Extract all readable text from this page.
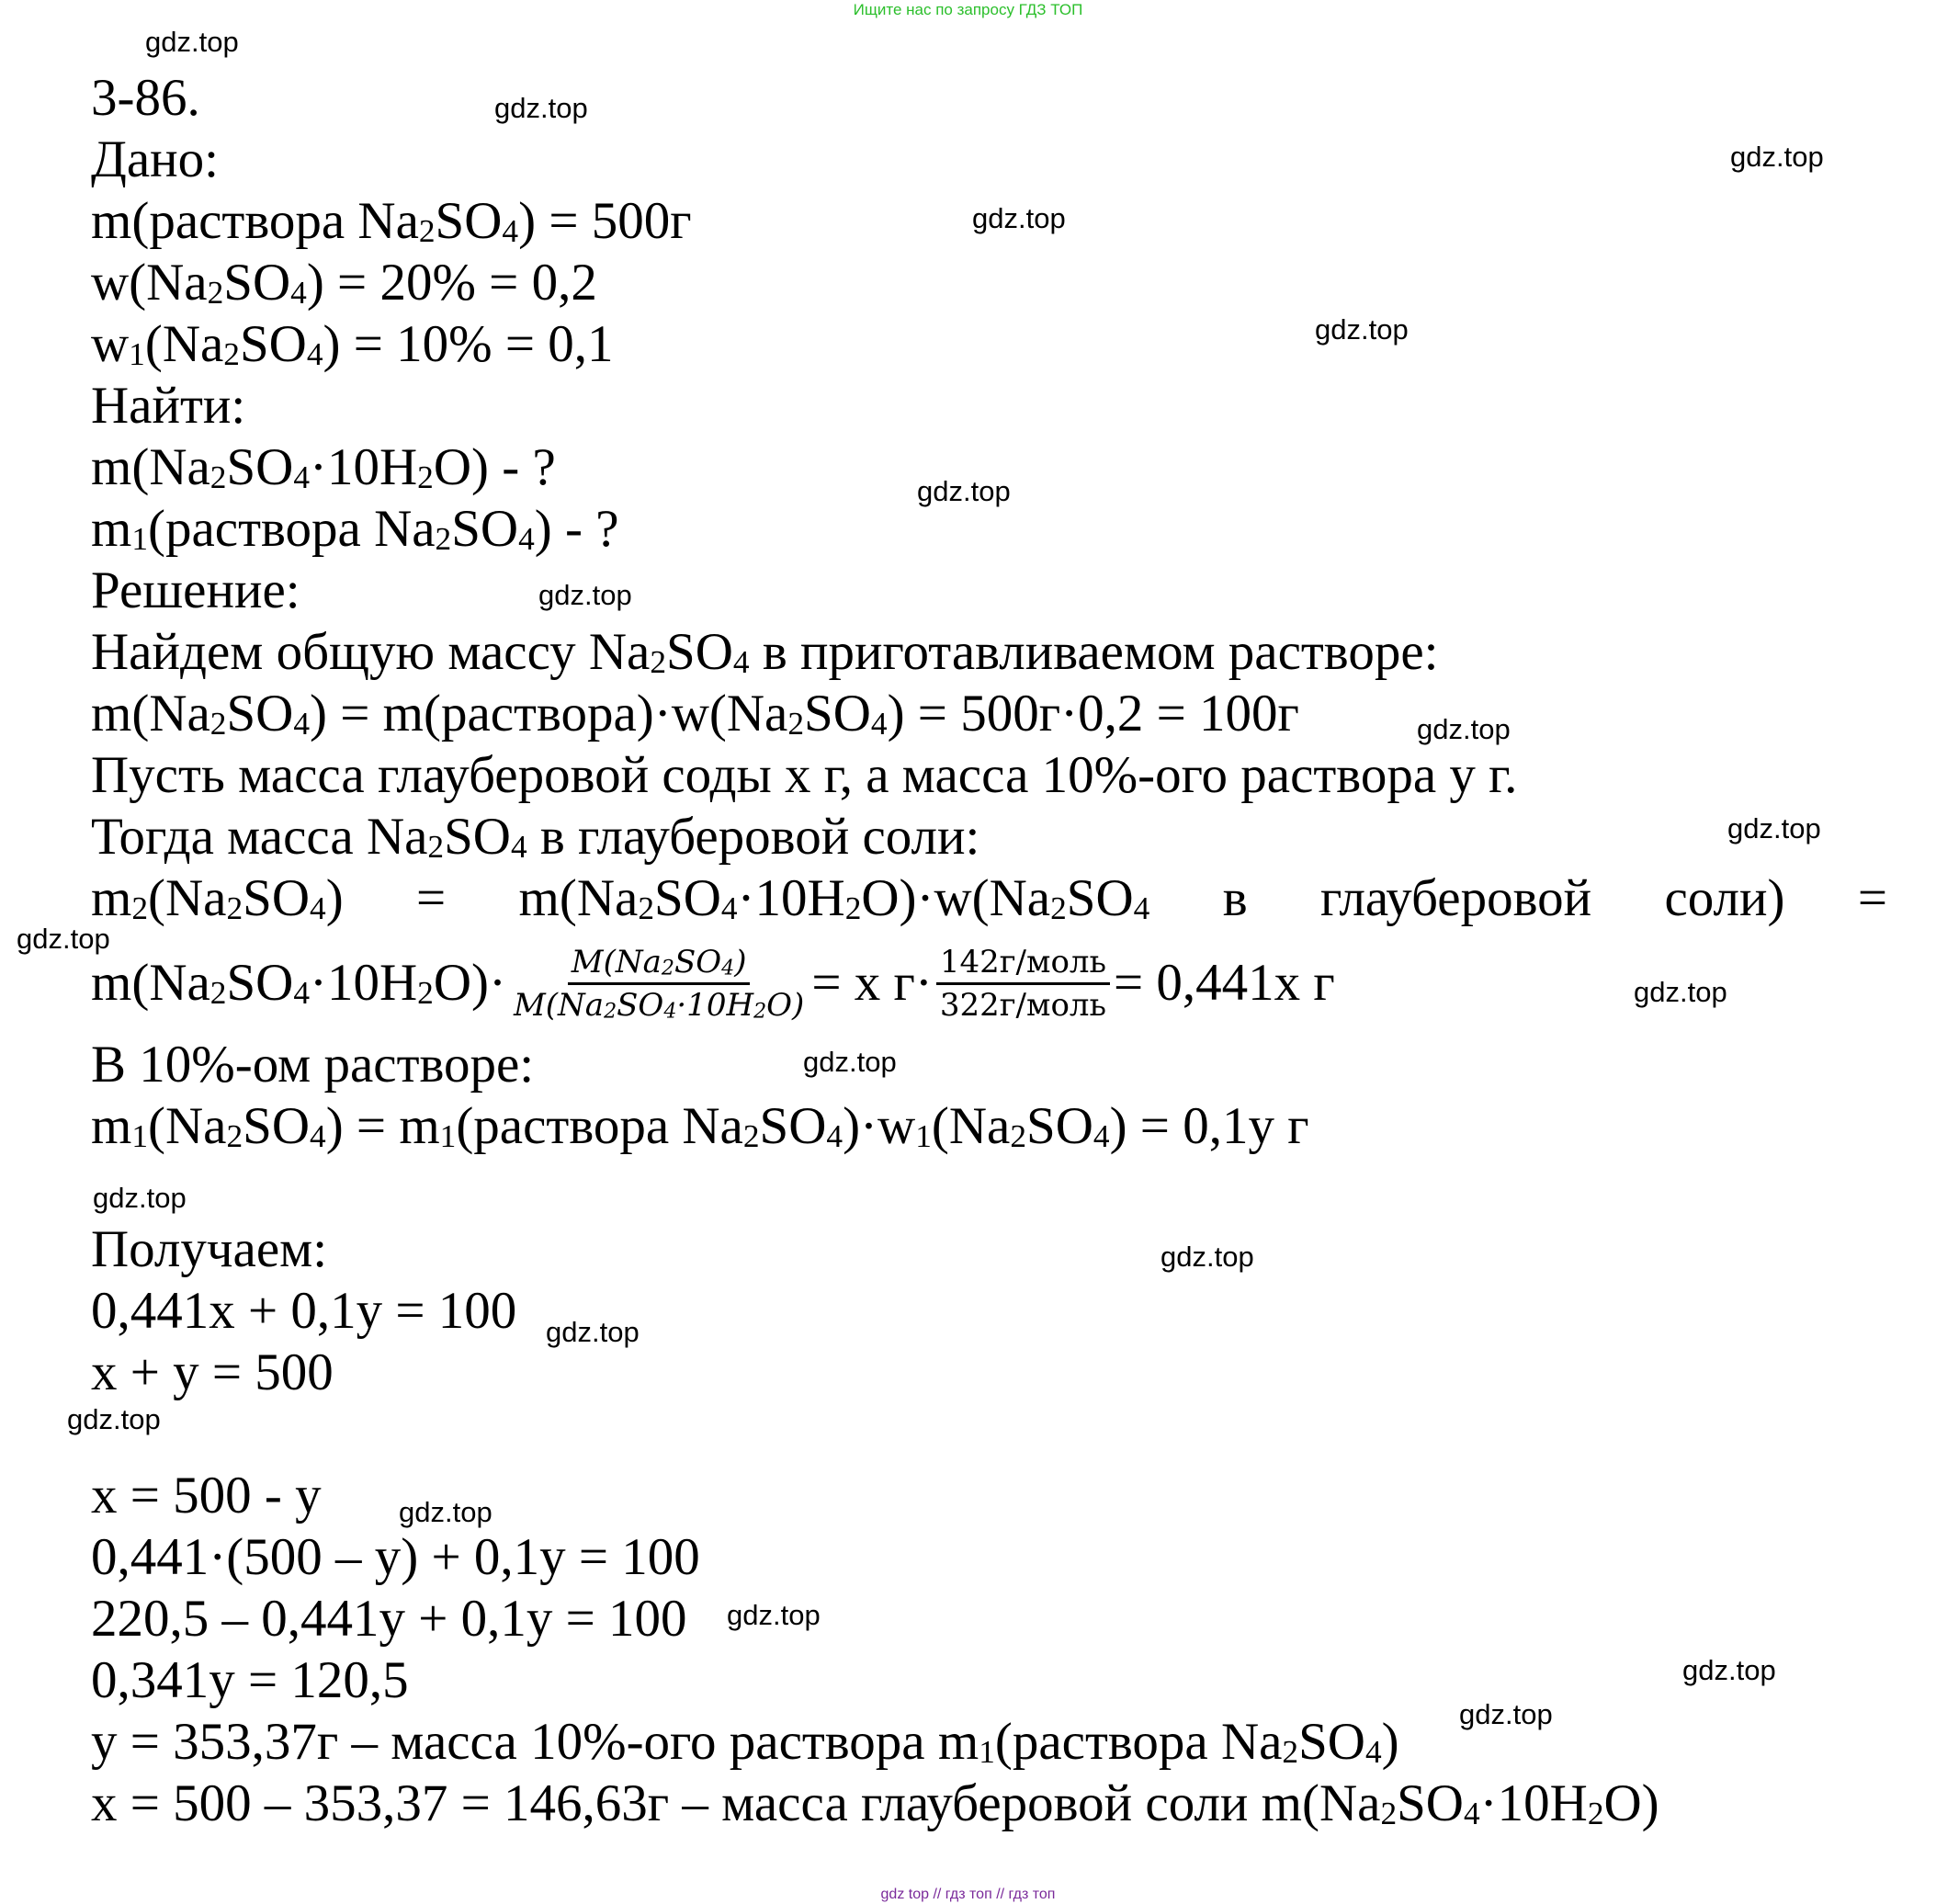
Ищите нас по запросу ГДЗ ТОП
gdz.top
gdz.top
gdz.top
gdz.top
gdz.top
gdz.top
gdz.top
gdz.top
gdz.top
gdz.top
gdz.top
gdz.top
gdz.top
gdz.top
gdz.top
gdz.top
gdz.top
gdz.top
gdz.top
gdz.top
3-86.
Дано:
m(раствора $Na_2SO_4) = 500г$
$w(Na_2SO_4) = 20\% = 0,2$
$w_1(Na_2SO_4) = 10\% = 0,1$
Найти:
$m(Na_2SO_4\cdot 10H_2O)$ - ?
$m_1(раствора$ $Na_2SO_4$) - ?
Решение:
Найдем общую массу $Na_2SO_4$ в приготавливаемом растворе:
$m(Na_2SO_4)$ = $m(раствора)\cdot w(Na_2SO_4) = 500г\cdot 0,2 = 100г$
Пусть масса глауберовой соды x г, а масса 10%-ого раствора y г.
Тогда масса $Na_2SO_4$ в глауберовой соли:
$m_2(Na_2SO_4) = m(Na_2SO_4\cdot 10H_2O)\cdot w(Na_2SO_4$ в глауберовой соли) =
$m(Na_2SO_4\cdot 10H_2O)\cdot \frac{M(Na_2SO_4)}{M(Na_2SO_4\cdot 10H_2O)} = x$ $г\cdot \frac{\text{142г/моль}}{\text{322г/моль}} = 0,441x$ г
В 10%-ом растворе:
$m_1(Na_2SO_4)$ = $m_1(раствора$ $Na_2SO_4)\cdot w_1(Na_2SO_4) = 0,1y$ г
Получаем:
0,441x + 0,1y = 100
x + y = 500
x = 500 - y
0,441·(500 – y) + 0,1y = 100
220,5 – 0,441y + 0,1y = 100
0,341y = 120,5
y = 353,37г – масса 10%-ого раствора $m_1(раствора$ $Na_2SO_4$)
x = 500 – 353,37 = 146,63г – масса глауберовой соли $m(Na_2SO_4\cdot 10H_2O)$
gdz top // гдз топ // гдз топ
